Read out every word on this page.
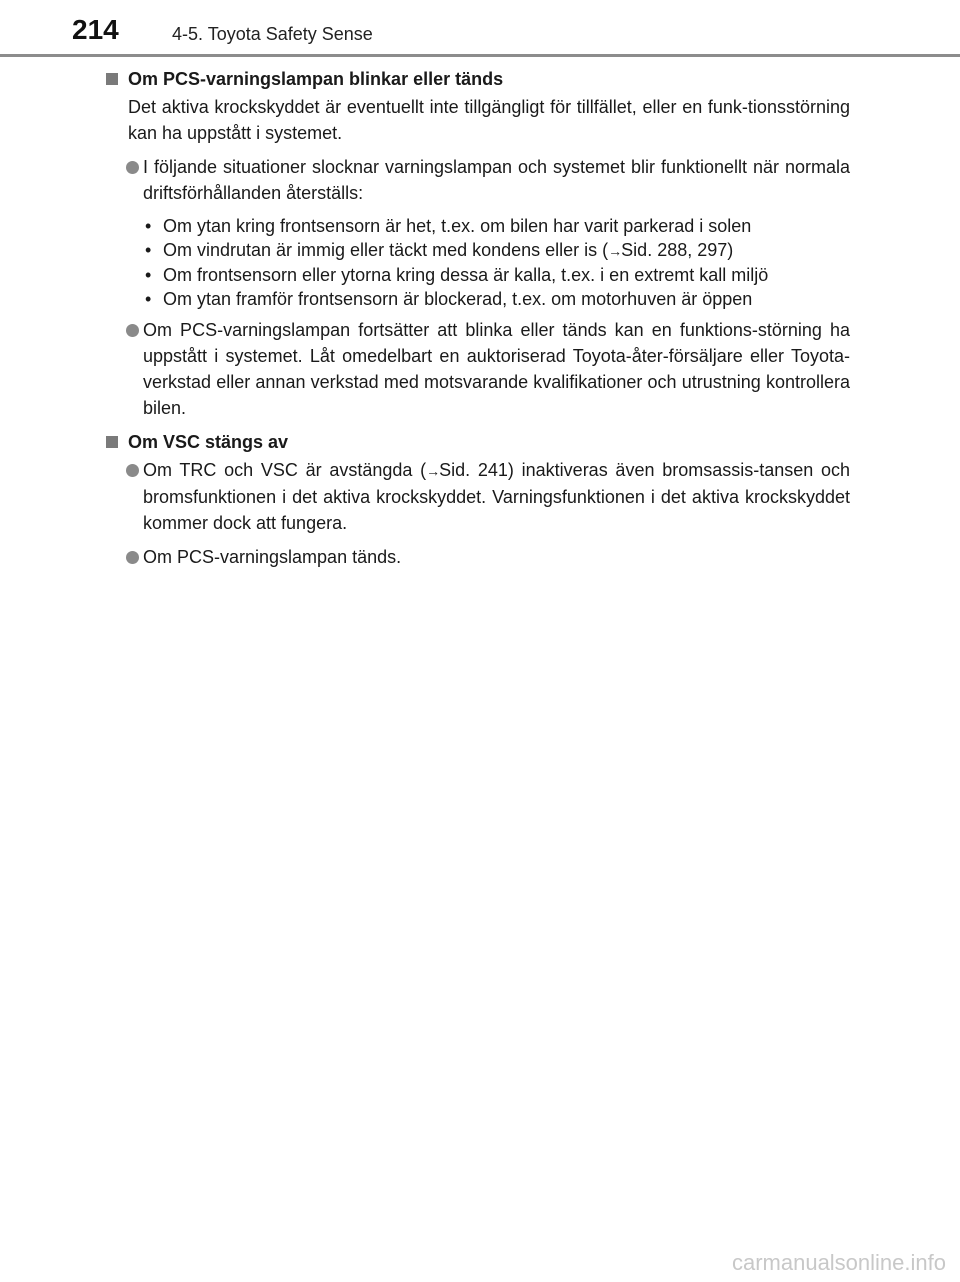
214	4-5. Toyota Safety Sense
Om PCS-varningslampan blinkar eller tänds
Det aktiva krockskyddet är eventuellt inte tillgängligt för tillfället, eller en funk-tionsstörning kan ha uppstått i systemet.
I följande situationer slocknar varningslampan och systemet blir funktionellt när normala driftsförhållanden återställs:
• Om ytan kring frontsensorn är het, t.ex. om bilen har varit parkerad i solen
• Om vindrutan är immig eller täckt med kondens eller is (→Sid. 288, 297)
• Om frontsensorn eller ytorna kring dessa är kalla, t.ex. i en extremt kall miljö
• Om ytan framför frontsensorn är blockerad, t.ex. om motorhuven är öppen
Om PCS-varningslampan fortsätter att blinka eller tänds kan en funktions-störning ha uppstått i systemet. Låt omedelbart en auktoriserad Toyota-åter-försäljare eller Toyota-verkstad eller annan verkstad med motsvarande kvalifikationer och utrustning kontrollera bilen.
Om VSC stängs av
Om TRC och VSC är avstängda (→Sid. 241) inaktiveras även bromsassis-tansen och bromsfunktionen i det aktiva krockskyddet. Varningsfunktionen i det aktiva krockskyddet kommer dock att fungera.
Om PCS-varningslampan tänds.
carmanualsonline.info
